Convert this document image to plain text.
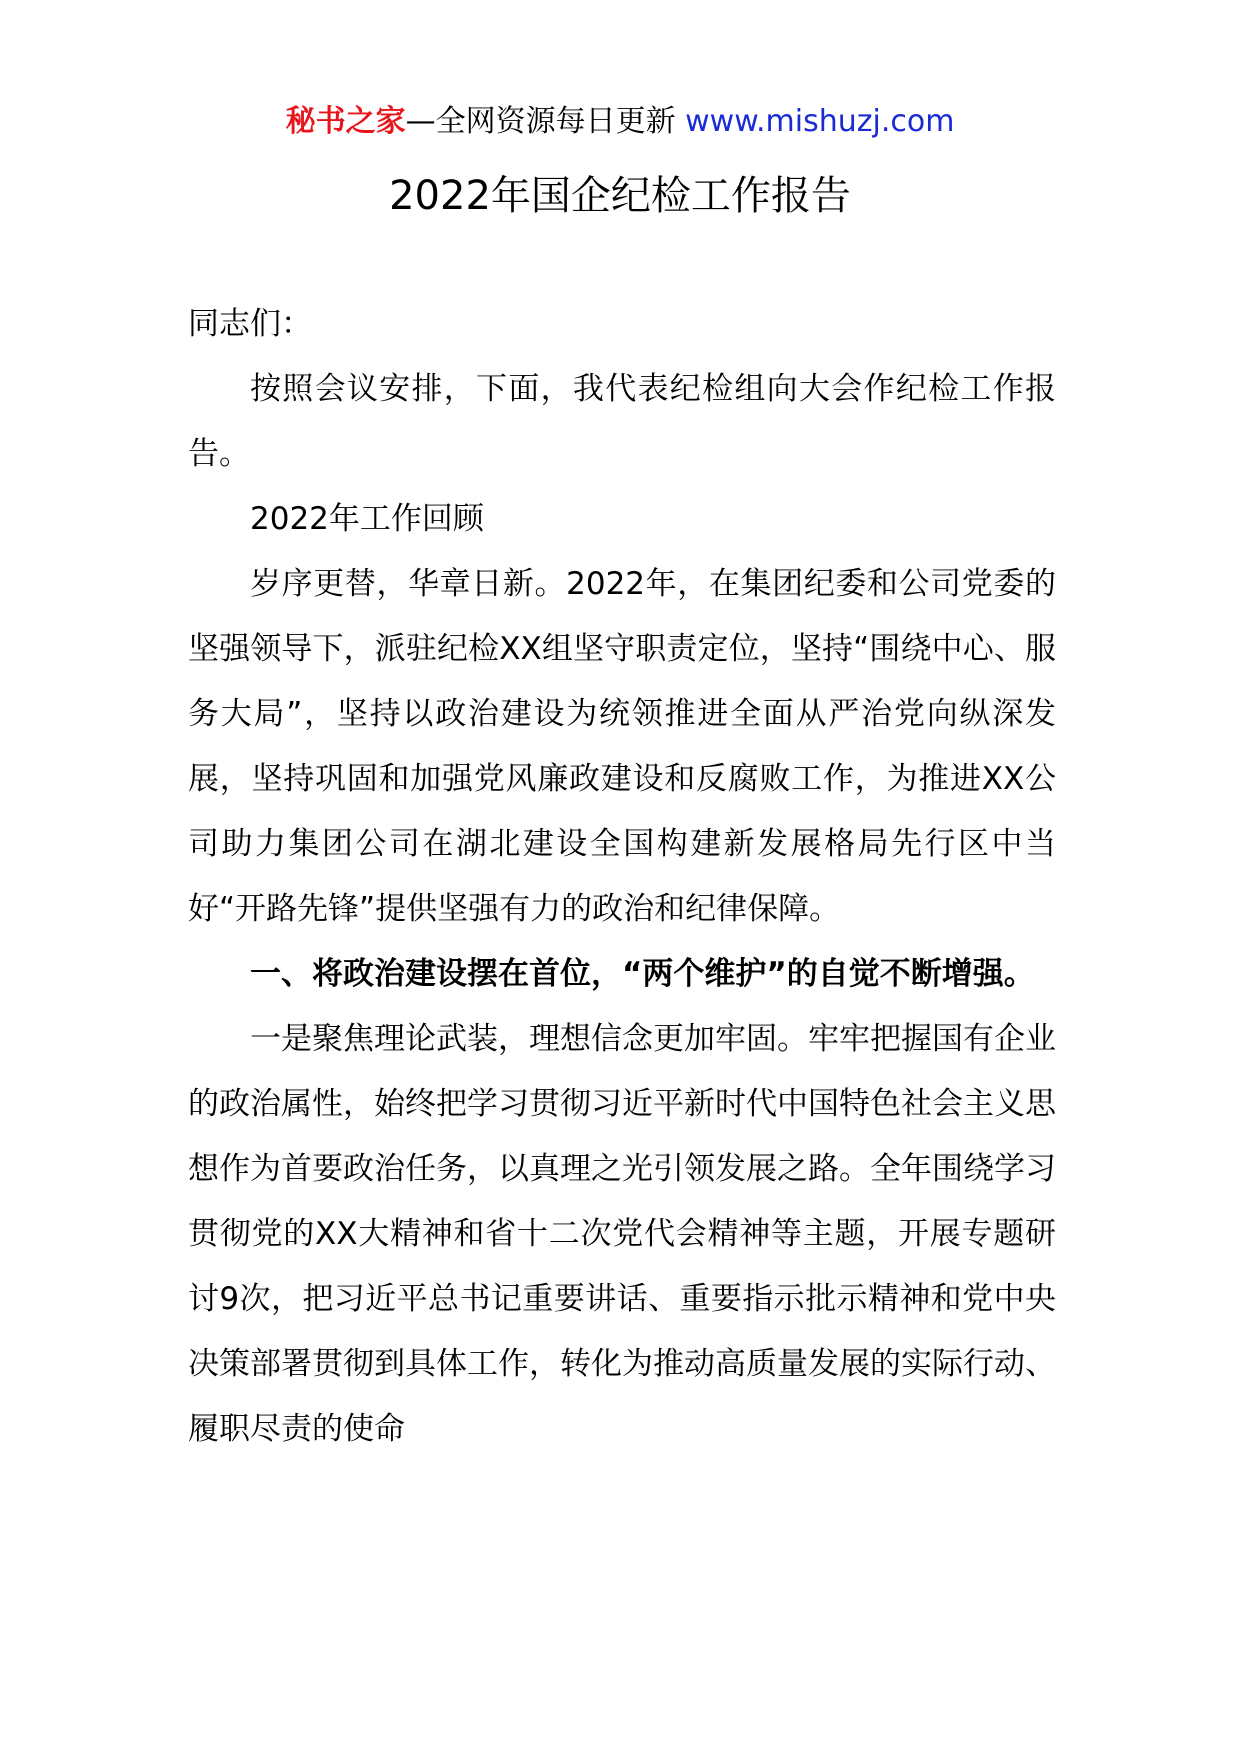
秘书之家—全网资源每日更新 www.mishuzj.com
2022年国企纪检工作报告

同志们：

按照会议安排，下面，我代表纪检组向大会作纪检工作报告。

2022年工作回顾

岁序更替，华章日新。2022年，在集团纪委和公司党委的坚强领导下，派驻纪检XX组坚守职责定位，坚持“围绕中心、服务大局”，坚持以政治建设为统领推进全面从严治党向纵深发展，坚持巩固和加强党风廉政建设和反腐败工作，为推进XX公司助力集团公司在湖北建设全国构建新发展格局先行区中当好“开路先锋”提供坚强有力的政治和纪律保障。

一、将政治建设摆在首位，“两个维护”的自觉不断增强。

一是聚焦理论武装，理想信念更加牢固。牢牢把握国有企业的政治属性，始终把学习贯彻习近平新时代中国特色社会主义思想作为首要政治任务，以真理之光引领发展之路。全年围绕学习贯彻党的XX大精神和省十二次党代会精神等主题，开展专题研讨9次，把习近平总书记重要讲话、重要指示批示精神和党中央决策部署贯彻到具体工作，转化为推动高质量发展的实际行动、履职尽责的使命
